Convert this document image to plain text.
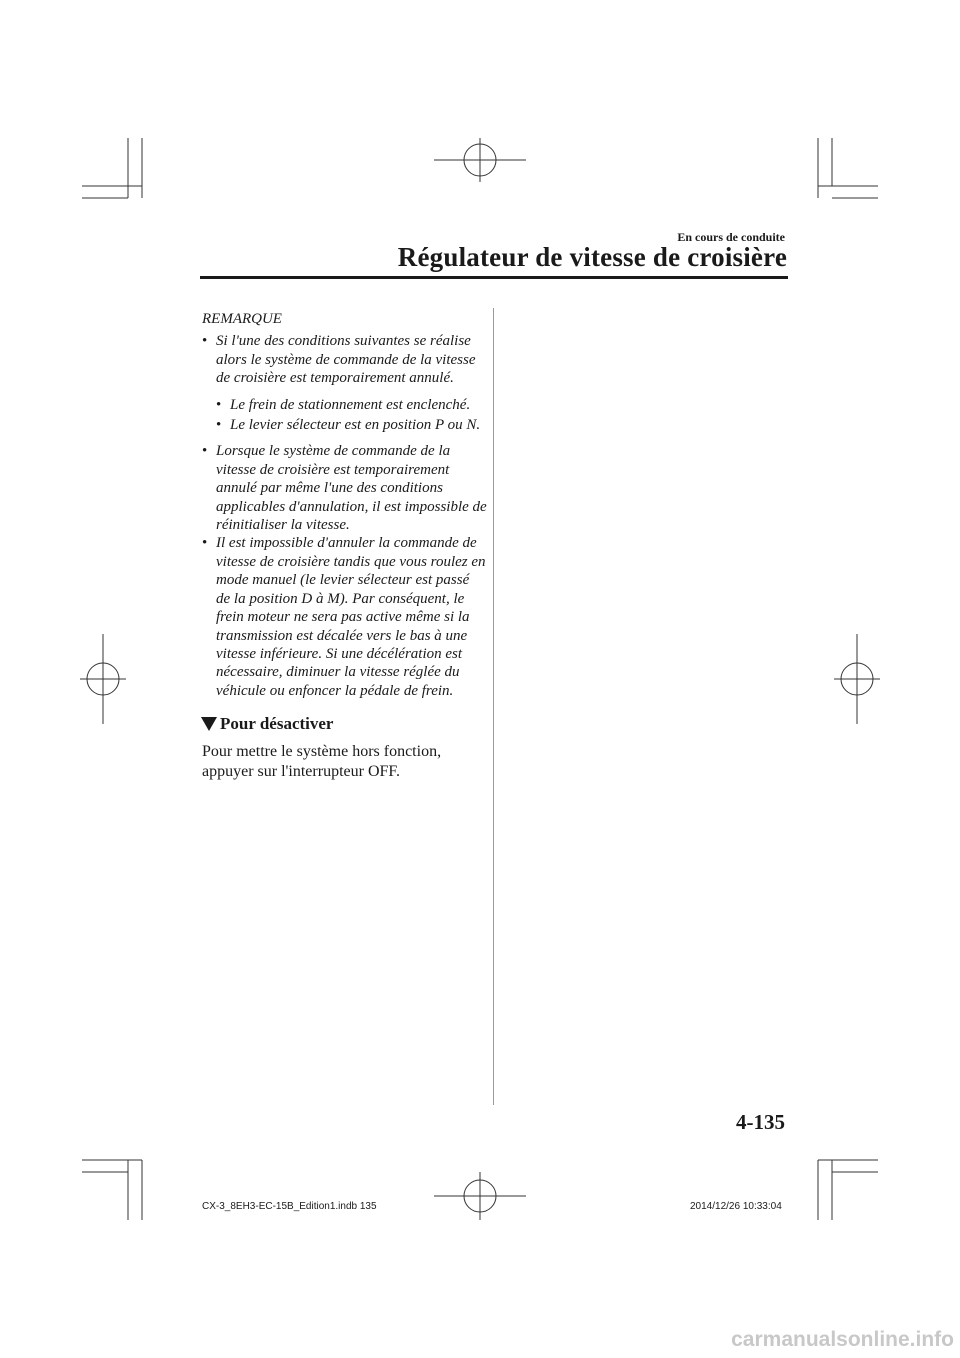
En cours de conduite
Régulateur de vitesse de croisière
REMARQUE
• Si l'une des conditions suivantes se réalise alors le système de commande de la vitesse de croisière est temporairement annulé.
• Le frein de stationnement est enclenché.
• Le levier sélecteur est en position P ou N.
• Lorsque le système de commande de la vitesse de croisière est temporairement annulé par même l'une des conditions applicables d'annulation, il est impossible de réinitialiser la vitesse.
• Il est impossible d'annuler la commande de vitesse de croisière tandis que vous roulez en mode manuel (le levier sélecteur est passé de la position D à M). Par conséquent, le frein moteur ne sera pas active même si la transmission est décalée vers le bas à une vitesse inférieure. Si une décélération est nécessaire, diminuer la vitesse réglée du véhicule ou enfoncer la pédale de frein.
Pour désactiver
Pour mettre le système hors fonction, appuyer sur l'interrupteur OFF.
4-135
CX-3_8EH3-EC-15B_Edition1.indb 135	2014/12/26 10:33:04
carmanualsonline.info
